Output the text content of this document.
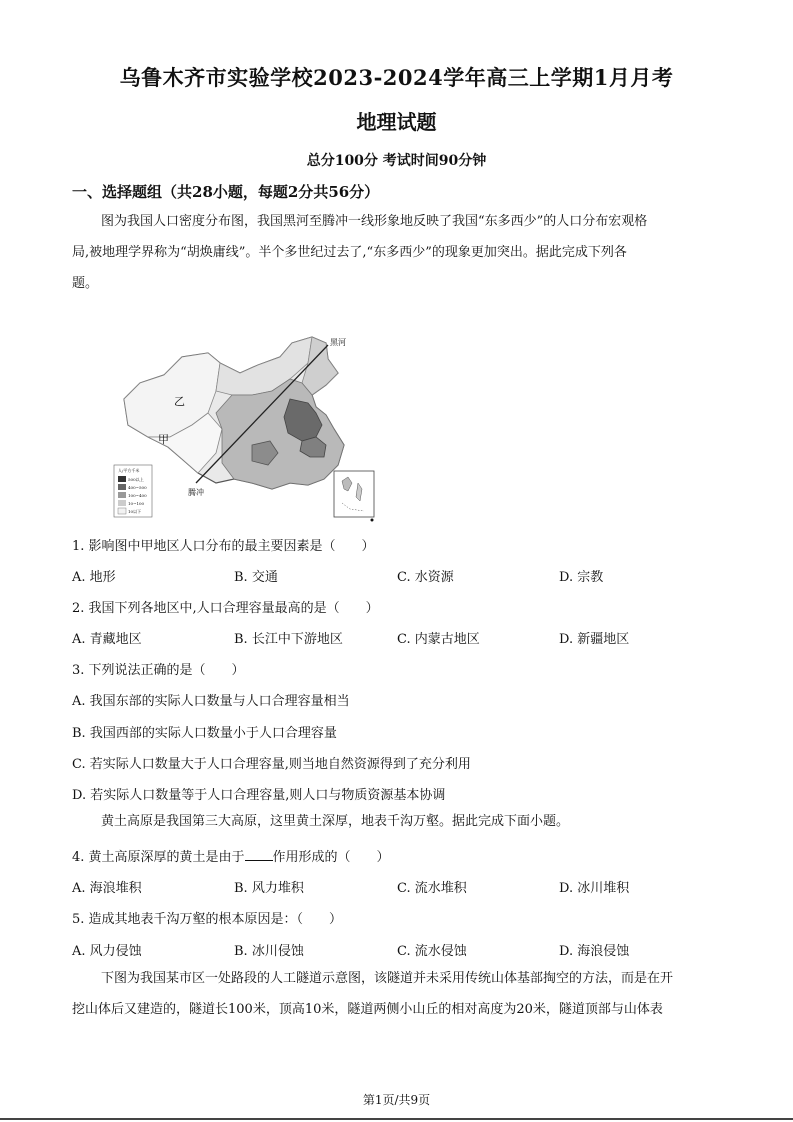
乌鲁木齐市实验学校2023-2024学年高三上学期1月月考
地理试题
总分100分 考试时间90分钟
一、选择题组（共28小题，每题2分共56分）
图为我国人口密度分布图，我国黑河至腾冲一线形象地反映了我国“东多西少”的人口分布宏观格
局,被地理学界称为“胡焕庸线”。半个多世纪过去了,“东多西少”的现象更加突出。据此完成下列各
题。
人/平方千米
500以上
400~500
100~400
10~100
10以下
黑河
腾冲
乙
甲
1. 影响图中甲地区人口分布的最主要因素是（　　）
A. 地形	B. 交通	C. 水资源	D. 宗教
2. 我国下列各地区中,人口合理容量最高的是（　　）
A. 青藏地区	B. 长江中下游地区	C. 内蒙古地区	D. 新疆地区
3. 下列说法正确的是（　　）
A. 我国东部的实际人口数量与人口合理容量相当
B. 我国西部的实际人口数量小于人口合理容量
C. 若实际人口数量大于人口合理容量,则当地自然资源得到了充分利用
D. 若实际人口数量等于人口合理容量,则人口与物质资源基本协调
黄土高原是我国第三大高原，这里黄土深厚，地表千沟万壑。据此完成下面小题。
4. 黄土高原深厚的黄土是由于 作用形成的（　　）
A. 海浪堆积	B. 风力堆积	C. 流水堆积	D. 冰川堆积
5. 造成其地表千沟万壑的根本原因是：（　　）
A. 风力侵蚀	B. 冰川侵蚀	C. 流水侵蚀	D. 海浪侵蚀
下图为我国某市区一处路段的人工隧道示意图，该隧道并未采用传统山体基部掏空的方法，而是在开
挖山体后又建造的，隧道长100米，顶高10米，隧道两侧小山丘的相对高度为20米，隧道顶部与山体表
第1页/共9页
